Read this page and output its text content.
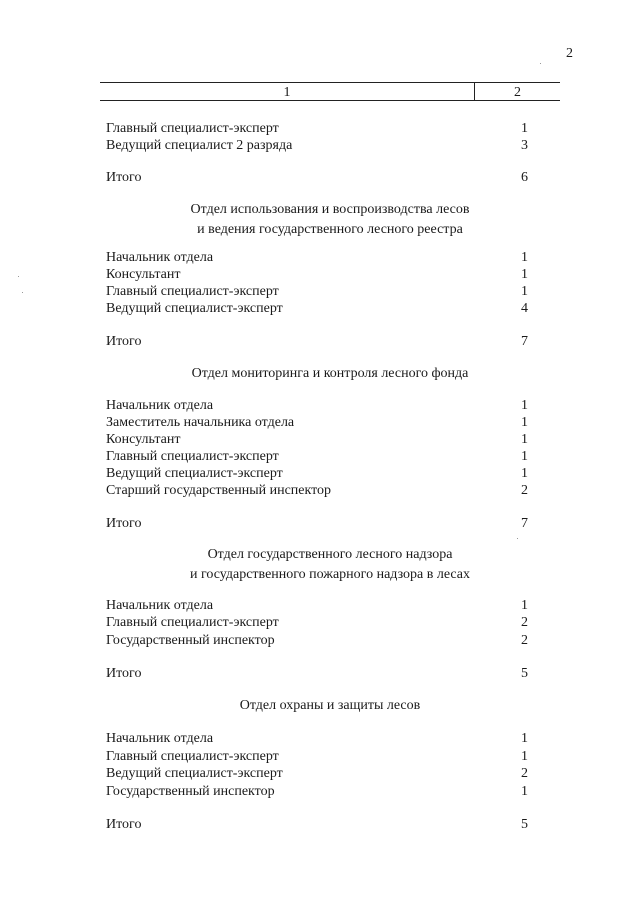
2
1	2
Главный специалист-эксперт	1
Ведущий специалист 2 разряда	3
Итого	6
Отдел использования и воспроизводства лесов
и ведения государственного лесного реестра
Начальник отдела	1
Консультант	1
Главный специалист-эксперт	1
Ведущий специалист-эксперт	4
Итого	7
Отдел мониторинга и контроля лесного фонда
Начальник отдела	1
Заместитель начальника отдела	1
Консультант	1
Главный специалист-эксперт	1
Ведущий специалист-эксперт	1
Старший государственный инспектор	2
Итого	7
Отдел государственного лесного надзора
и государственного пожарного надзора в лесах
Начальник отдела	1
Главный специалист-эксперт	2
Государственный инспектор	2
Итого	5
Отдел охраны и защиты лесов
Начальник отдела	1
Главный специалист-эксперт	1
Ведущий специалист-эксперт	2
Государственный инспектор	1
Итого	5
